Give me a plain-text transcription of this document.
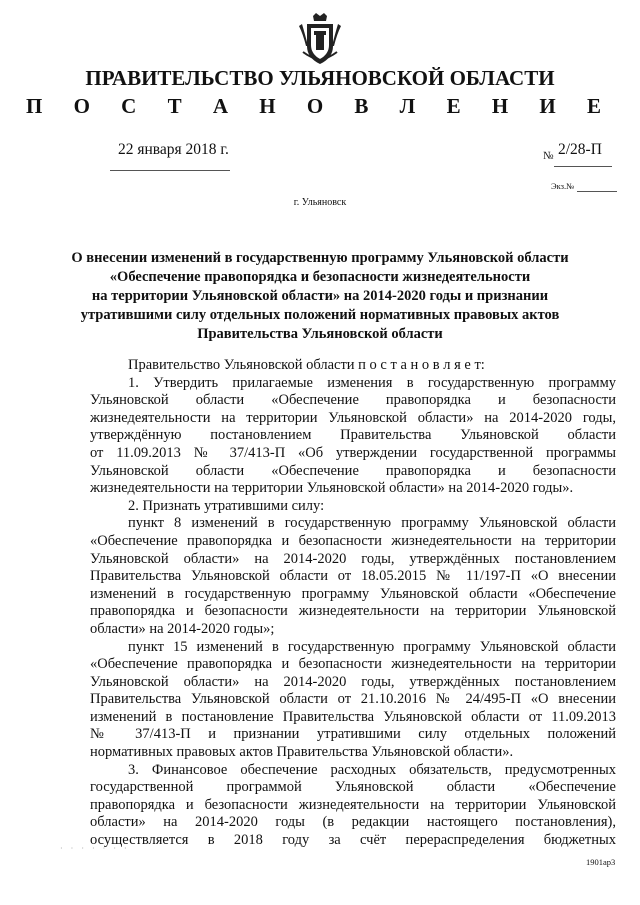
ПРАВИТЕЛЬСТВО УЛЬЯНОВСКОЙ ОБЛАСТИ
П О С Т А Н О В Л Е Н И Е
22 января 2018 г.	№ 2/28-П
Экз.№
г. Ульяновск
О внесении изменений в государственную программу Ульяновской области
«Обеспечение правопорядка и безопасности жизнедеятельности
на территории Ульяновской области» на 2014-2020 годы и признании
утратившими силу отдельных положений нормативных правовых актов
Правительства Ульяновской области
Правительство Ульяновской области п о с т а н о в л я е т:
1. Утвердить прилагаемые изменения в государственную программу
Ульяновской области «Обеспечение правопорядка и безопасности
жизнедеятельности на территории Ульяновской области» на 2014-2020 годы,
утверждённую постановлением Правительства Ульяновской области
от 11.09.2013 № 37/413-П «Об утверждении государственной программы
Ульяновской области «Обеспечение правопорядка и безопасности
жизнедеятельности на территории Ульяновской области» на 2014-2020 годы».
2. Признать утратившими силу:
пункт 8 изменений в государственную программу Ульяновской области
«Обеспечение правопорядка и безопасности жизнедеятельности на территории
Ульяновской области» на 2014-2020 годы, утверждённых постановлением
Правительства Ульяновской области от 18.05.2015 № 11/197-П «О внесении
изменений в государственную программу Ульяновской области «Обеспечение
правопорядка и безопасности жизнедеятельности на территории Ульяновской
области» на 2014-2020 годы»;
пункт 15 изменений в государственную программу Ульяновской области
«Обеспечение правопорядка и безопасности жизнедеятельности на территории
Ульяновской области» на 2014-2020 годы, утверждённых постановлением
Правительства Ульяновской области от 21.10.2016 № 24/495-П «О внесении
изменений в постановление Правительства Ульяновской области от 11.09.2013
№ 37/413-П и признании утратившими силу отдельных положений
нормативных правовых актов Правительства Ульяновской области».
3. Финансовое обеспечение расходных обязательств, предусмотренных
государственной программой Ульяновской области «Обеспечение
правопорядка и безопасности жизнедеятельности на территории Ульяновской
области» на 2014-2020 годы (в редакции настоящего постановления),
осуществляется в 2018 году за счёт перераспределения бюджетных
· · · · · · ·
1901ар3
